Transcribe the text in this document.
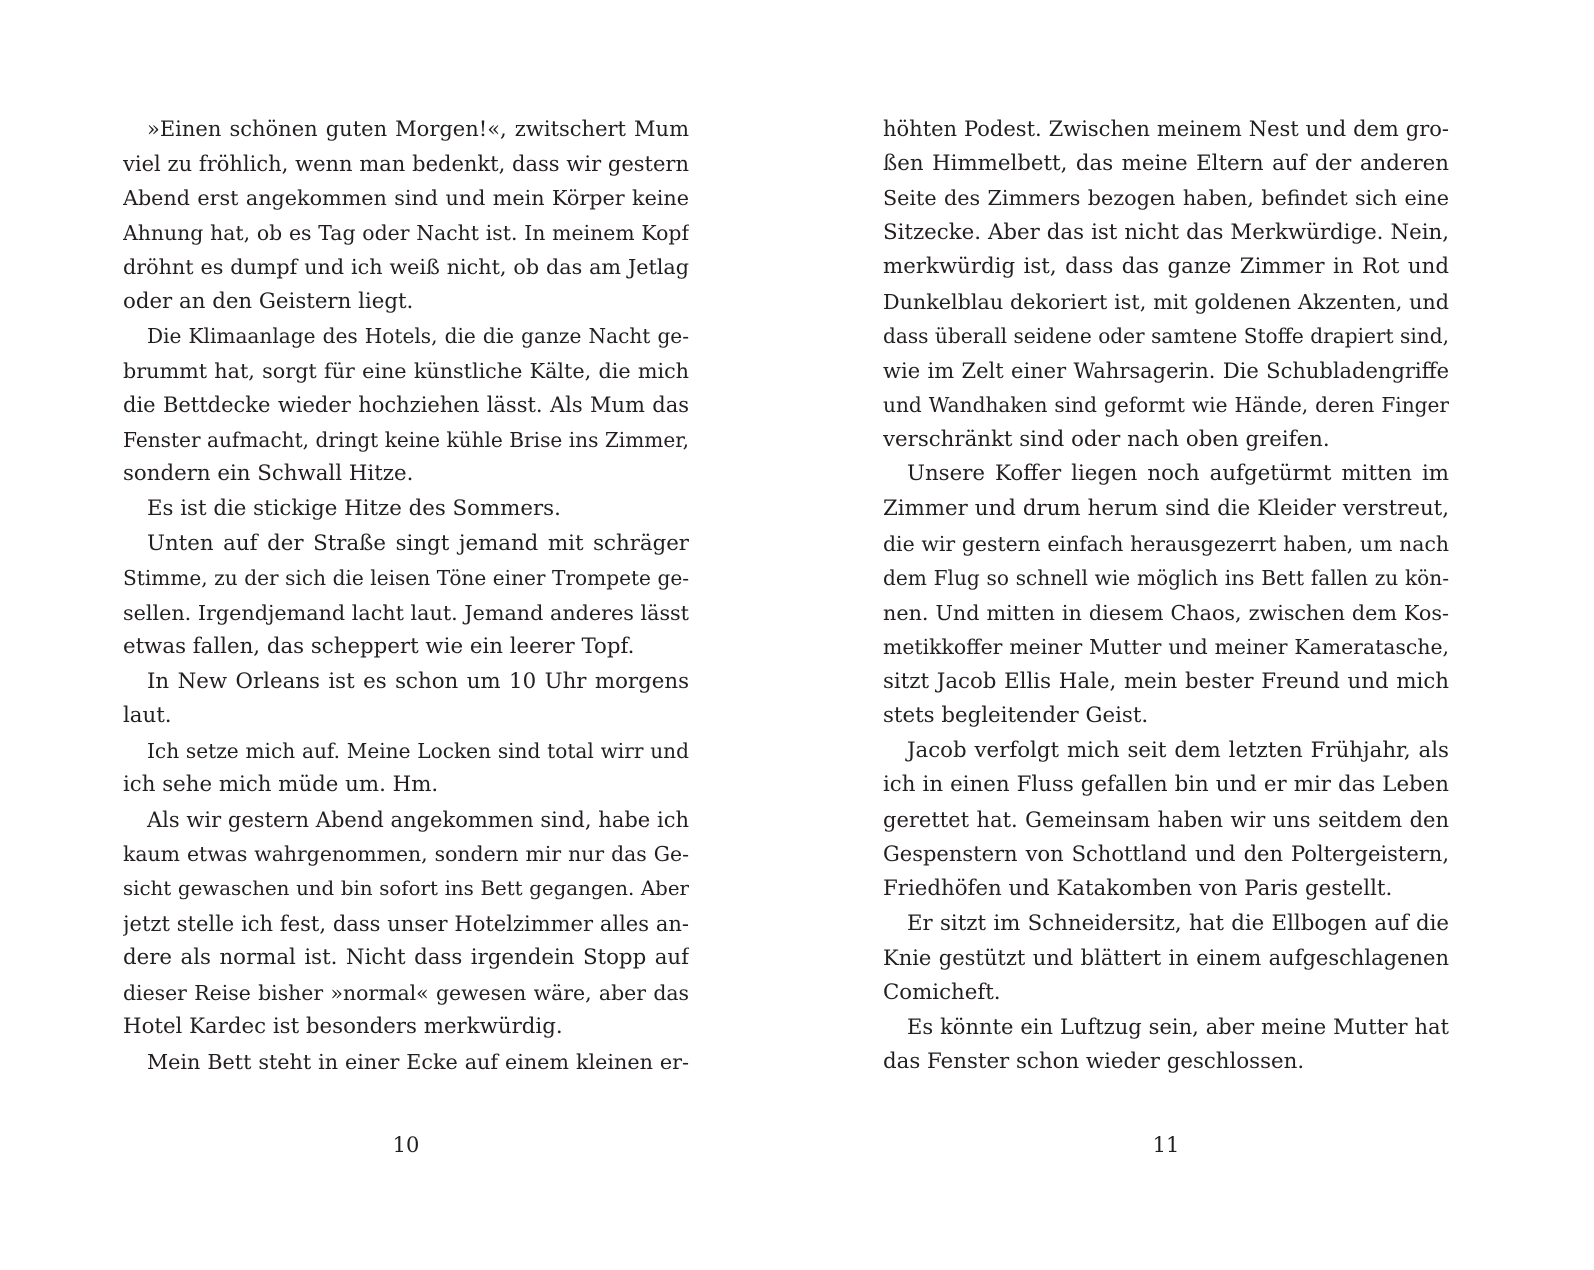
»Einen schönen guten Morgen!«, zwitschert Mum
viel zu fröhlich, wenn man bedenkt, dass wir gestern
Abend erst angekommen sind und mein Körper keine
Ahnung hat, ob es Tag oder Nacht ist. In meinem Kopf
dröhnt es dumpf und ich weiß nicht, ob das am Jetlag
oder an den Geistern liegt.
Die Klimaanlage des Hotels, die die ganze Nacht ge-
brummt hat, sorgt für eine künstliche Kälte, die mich
die Bettdecke wieder hochziehen lässt. Als Mum das
Fenster aufmacht, dringt keine kühle Brise ins Zimmer,
sondern ein Schwall Hitze.
Es ist die stickige Hitze des Sommers.
Unten auf der Straße singt jemand mit schräger
Stimme, zu der sich die leisen Töne einer Trompete ge-
sellen. Irgendjemand lacht laut. Jemand anderes lässt
etwas fallen, das scheppert wie ein leerer Topf.
In New Orleans ist es schon um 10 Uhr morgens
laut.
Ich setze mich auf. Meine Locken sind total wirr und
ich sehe mich müde um. Hm.
Als wir gestern Abend angekommen sind, habe ich
kaum etwas wahrgenommen, sondern mir nur das Ge-
sicht gewaschen und bin sofort ins Bett gegangen. Aber
jetzt stelle ich fest, dass unser Hotelzimmer alles an-
dere als normal ist. Nicht dass irgendein Stopp auf
dieser Reise bisher »normal« gewesen wäre, aber das
Hotel Kardec ist besonders merkwürdig.
Mein Bett steht in einer Ecke auf einem kleinen er-
10
höhten Podest. Zwischen meinem Nest und dem gro-
ßen Himmelbett, das meine Eltern auf der anderen
Seite des Zimmers bezogen haben, befindet sich eine
Sitzecke. Aber das ist nicht das Merkwürdige. Nein,
merkwürdig ist, dass das ganze Zimmer in Rot und
Dunkelblau dekoriert ist, mit goldenen Akzenten, und
dass überall seidene oder samtene Stoffe drapiert sind,
wie im Zelt einer Wahrsagerin. Die Schubladengriffe
und Wandhaken sind geformt wie Hände, deren Finger
verschränkt sind oder nach oben greifen.
Unsere Koffer liegen noch aufgetürmt mitten im
Zimmer und drum herum sind die Kleider verstreut,
die wir gestern einfach herausgezerrt haben, um nach
dem Flug so schnell wie möglich ins Bett fallen zu kön-
nen. Und mitten in diesem Chaos, zwischen dem Kos-
metikkoffer meiner Mutter und meiner Kameratasche,
sitzt Jacob Ellis Hale, mein bester Freund und mich
stets begleitender Geist.
Jacob verfolgt mich seit dem letzten Frühjahr, als
ich in einen Fluss gefallen bin und er mir das Leben
gerettet hat. Gemeinsam haben wir uns seitdem den
Gespenstern von Schottland und den Poltergeistern,
Friedhöfen und Katakomben von Paris gestellt.
Er sitzt im Schneidersitz, hat die Ellbogen auf die
Knie gestützt und blättert in einem aufgeschlagenen
Comicheft.
Es könnte ein Luftzug sein, aber meine Mutter hat
das Fenster schon wieder geschlossen.
11
